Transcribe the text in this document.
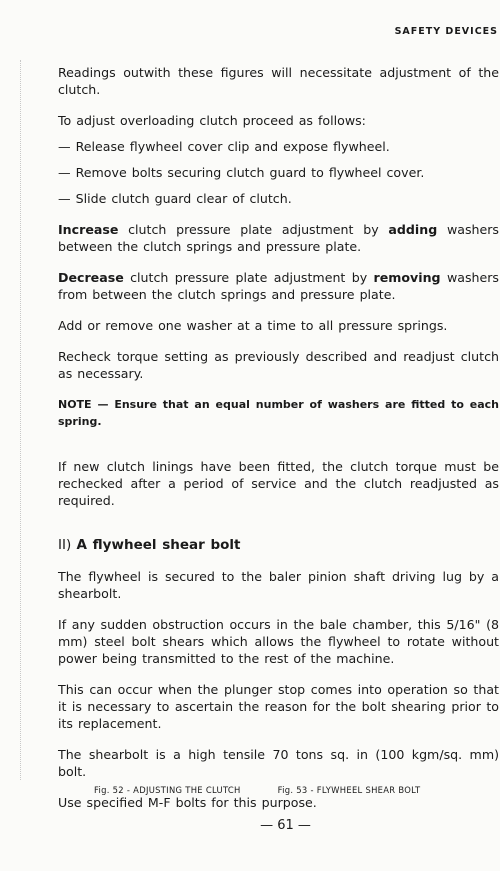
SAFETY DEVICES

Readings outwith these figures will necessitate adjustment of the clutch.

To adjust overloading clutch proceed as follows:

— Release flywheel cover clip and expose flywheel.

— Remove bolts securing clutch guard to flywheel cover.

— Slide clutch guard clear of clutch.

Increase clutch pressure plate adjustment by adding washers between the clutch springs and pressure plate.

Decrease clutch pressure plate adjustment by removing washers from between the clutch springs and pressure plate.

Add or remove one washer at a time to all pressure springs.

Recheck torque setting as previously described and readjust clutch as necessary.

NOTE — Ensure that an equal number of washers are fitted to each spring.

If new clutch linings have been fitted, the clutch torque must be rechecked after a period of service and the clutch readjusted as required.

II) A flywheel shear bolt

The flywheel is secured to the baler pinion shaft driving lug by a shearbolt.

If any sudden obstruction occurs in the bale chamber, this 5/16" (8 mm) steel bolt shears which allows the flywheel to rotate without power being transmitted to the rest of the machine.

This can occur when the plunger stop comes into operation so that it is necessary to ascertain the reason for the bolt shearing prior to its replacement.

The shearbolt is a high tensile 70 tons sq. in (100 kgm/sq. mm) bolt.

Use specified M-F bolts for this purpose.

Fig. 52 - ADJUSTING THE CLUTCH	Fig. 53 - FLYWHEEL SHEAR BOLT
— 61 —
